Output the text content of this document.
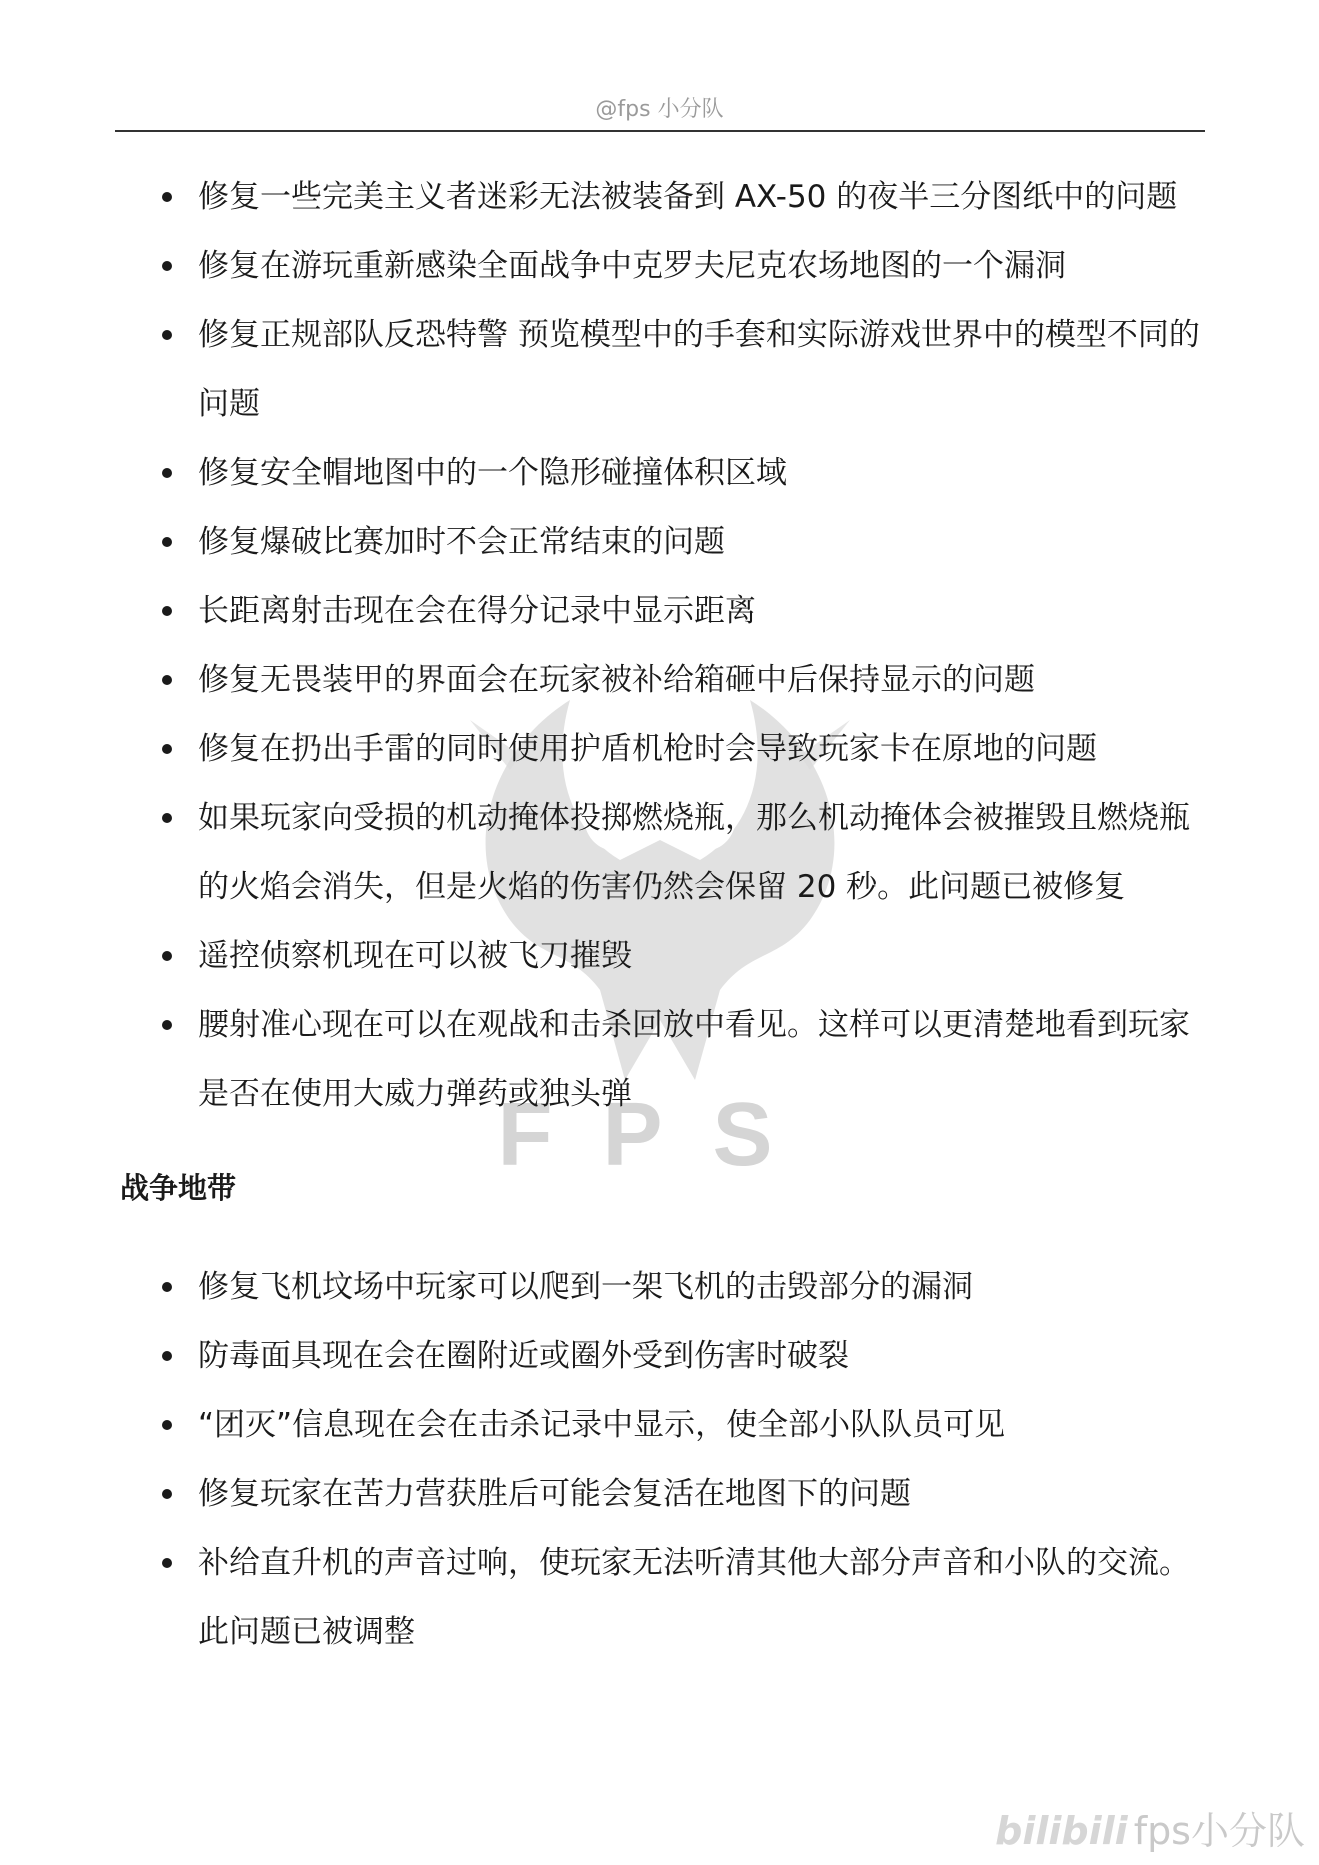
@fps 小分队
FPS
修复一些完美主义者迷彩无法被装备到 AX-50 的夜半三分图纸中的问题
修复在游玩重新感染全面战争中克罗夫尼克农场地图的一个漏洞
修复正规部队反恐特警 预览模型中的手套和实际游戏世界中的模型不同的问题
修复安全帽地图中的一个隐形碰撞体积区域
修复爆破比赛加时不会正常结束的问题
长距离射击现在会在得分记录中显示距离
修复无畏装甲的界面会在玩家被补给箱砸中后保持显示的问题
修复在扔出手雷的同时使用护盾机枪时会导致玩家卡在原地的问题
如果玩家向受损的机动掩体投掷燃烧瓶，那么机动掩体会被摧毁且燃烧瓶的火焰会消失，但是火焰的伤害仍然会保留 20 秒。此问题已被修复
遥控侦察机现在可以被飞刀摧毁
腰射准心现在可以在观战和击杀回放中看见。这样可以更清楚地看到玩家是否在使用大威力弹药或独头弹
战争地带
修复飞机坟场中玩家可以爬到一架飞机的击毁部分的漏洞
防毒面具现在会在圈附近或圈外受到伤害时破裂
“团灭”信息现在会在击杀记录中显示，使全部小队队员可见
修复玩家在苦力营获胜后可能会复活在地图下的问题
补给直升机的声音过响，使玩家无法听清其他大部分声音和小队的交流。此问题已被调整
bilibili fps小分队
